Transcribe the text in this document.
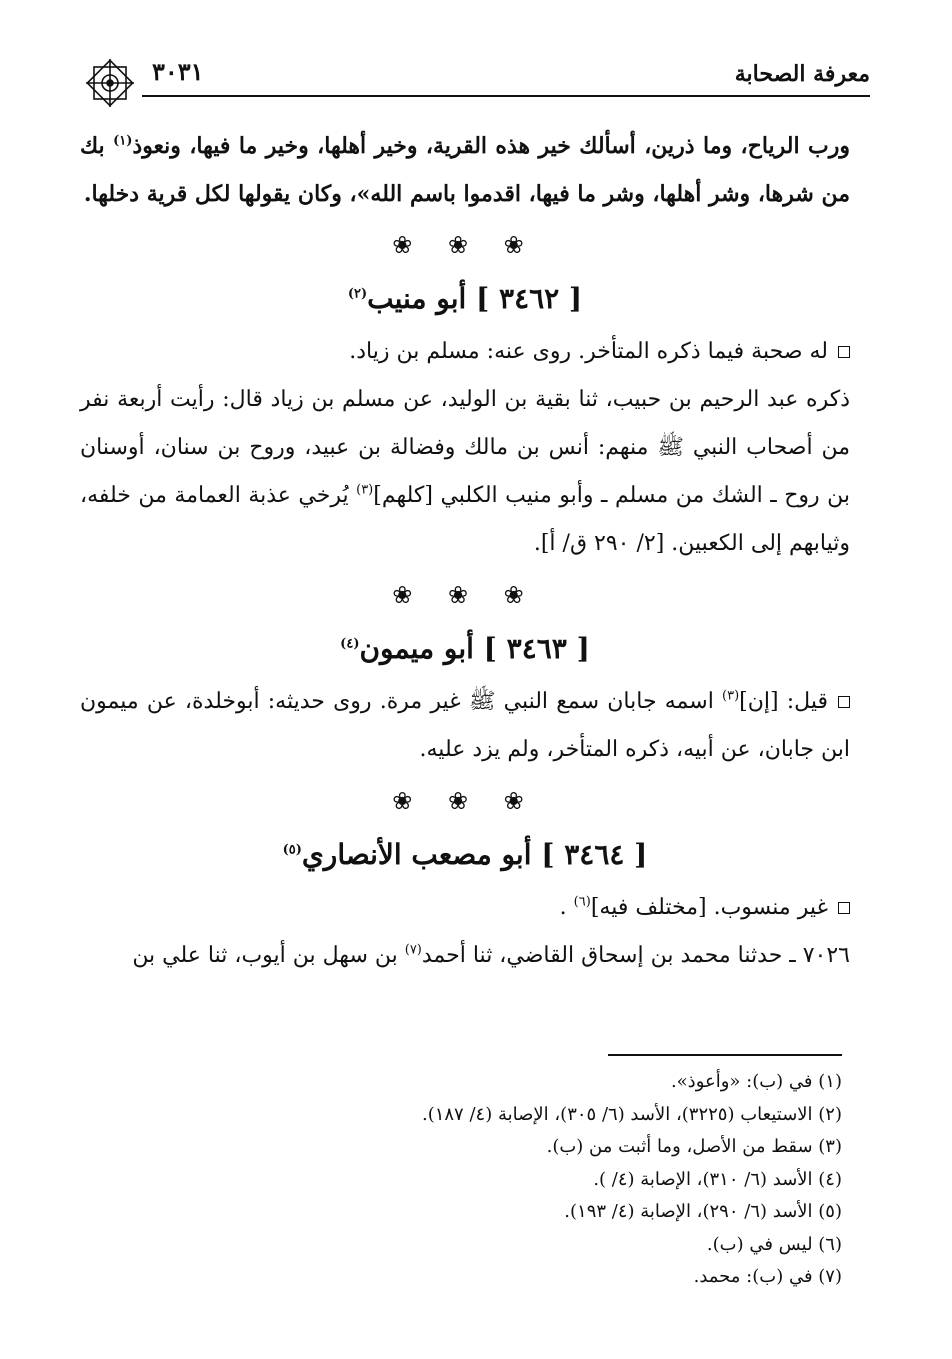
٣٠٣١	معرفة الصحابة

ورب الرياح، وما ذرين، أسألك خير هذه القرية، وخير أهلها، وخير ما فيها، ونعوذ$^{(١)}$ بك من شرها، وشر أهلها، وشر ما فيها، اقدموا باسم الله»، وكان يقولها لكل قرية دخلها.

❀ ❀ ❀

[ ٣٤٦٢ ] أبو منيب$^{(٢)}$

له صحبة فيما ذكره المتأخر. روى عنه: مسلم بن زياد.

ذكره عبد الرحيم بن حبيب، ثنا بقية بن الوليد، عن مسلم بن زياد قال: رأيت أربعة نفر من أصحاب النبي ﷺ منهم: أنس بن مالك وفضالة بن عبيد، وروح بن سنان، أوسنان بن روح ـ الشك من مسلم ـ وأبو منيب الكلبي [كلهم]$^{(٣)}$ يُرخي عذبة العمامة من خلفه، وثيابهم إلى الكعبين. [٢/ ٢٩٠ ق/ أ].

❀ ❀ ❀

[ ٣٤٦٣ ] أبو ميمون$^{(٤)}$

قيل: [إن]$^{(٣)}$ اسمه جابان سمع النبي ﷺ غير مرة. روى حديثه: أبوخلدة، عن ميمون ابن جابان، عن أبيه، ذكره المتأخر، ولم يزد عليه.

❀ ❀ ❀

[ ٣٤٦٤ ] أبو مصعب الأنصاري$^{(٥)}$

غير منسوب. [مختلف فيه]$^{(٦)}$ .

٧٠٢٦ ـ حدثنا محمد بن إسحاق القاضي، ثنا أحمد$^{(٧)}$ بن سهل بن أيوب، ثنا علي بن

(١) في (ب): «وأعوذ».

(٢) الاستيعاب (٣٢٢٥)، الأسد (٦/ ٣٠٥)، الإصابة (٤/ ١٨٧).

(٣) سقط من الأصل، وما أثبت من (ب).

(٤) الأسد (٦/ ٣١٠)، الإصابة (٤/ ).

(٥) الأسد (٦/ ٢٩٠)، الإصابة (٤/ ١٩٣).

(٦) ليس في (ب).

(٧) في (ب): محمد.
